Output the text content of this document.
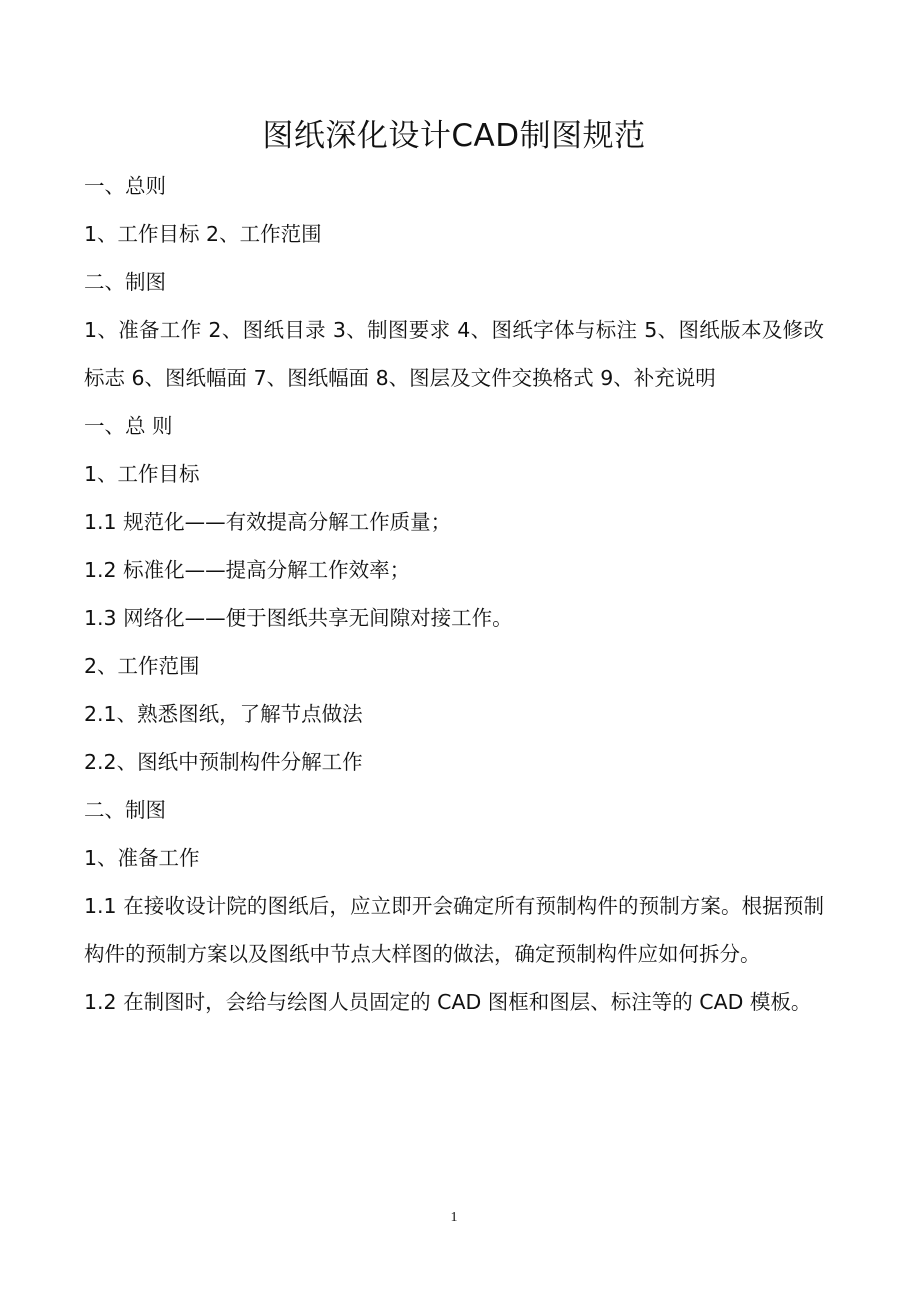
图纸深化设计CAD制图规范

一、总则

1、工作目标 2、工作范围

二、制图

1、准备工作 2、图纸目录 3、制图要求 4、图纸字体与标注 5、图纸版本及修改标志 6、图纸幅面 7、图纸幅面 8、图层及文件交换格式 9、补充说明

一、总 则

1、工作目标

1.1 规范化——有效提高分解工作质量；

1.2 标准化——提高分解工作效率；

1.3 网络化——便于图纸共享无间隙对接工作。

2、工作范围

2.1、熟悉图纸，了解节点做法

2.2、图纸中预制构件分解工作

二、制图

1、准备工作

1.1 在接收设计院的图纸后，应立即开会确定所有预制构件的预制方案。根据预制构件的预制方案以及图纸中节点大样图的做法，确定预制构件应如何拆分。

1.2 在制图时，会给与绘图人员固定的 CAD 图框和图层、标注等的 CAD 模板。

1
